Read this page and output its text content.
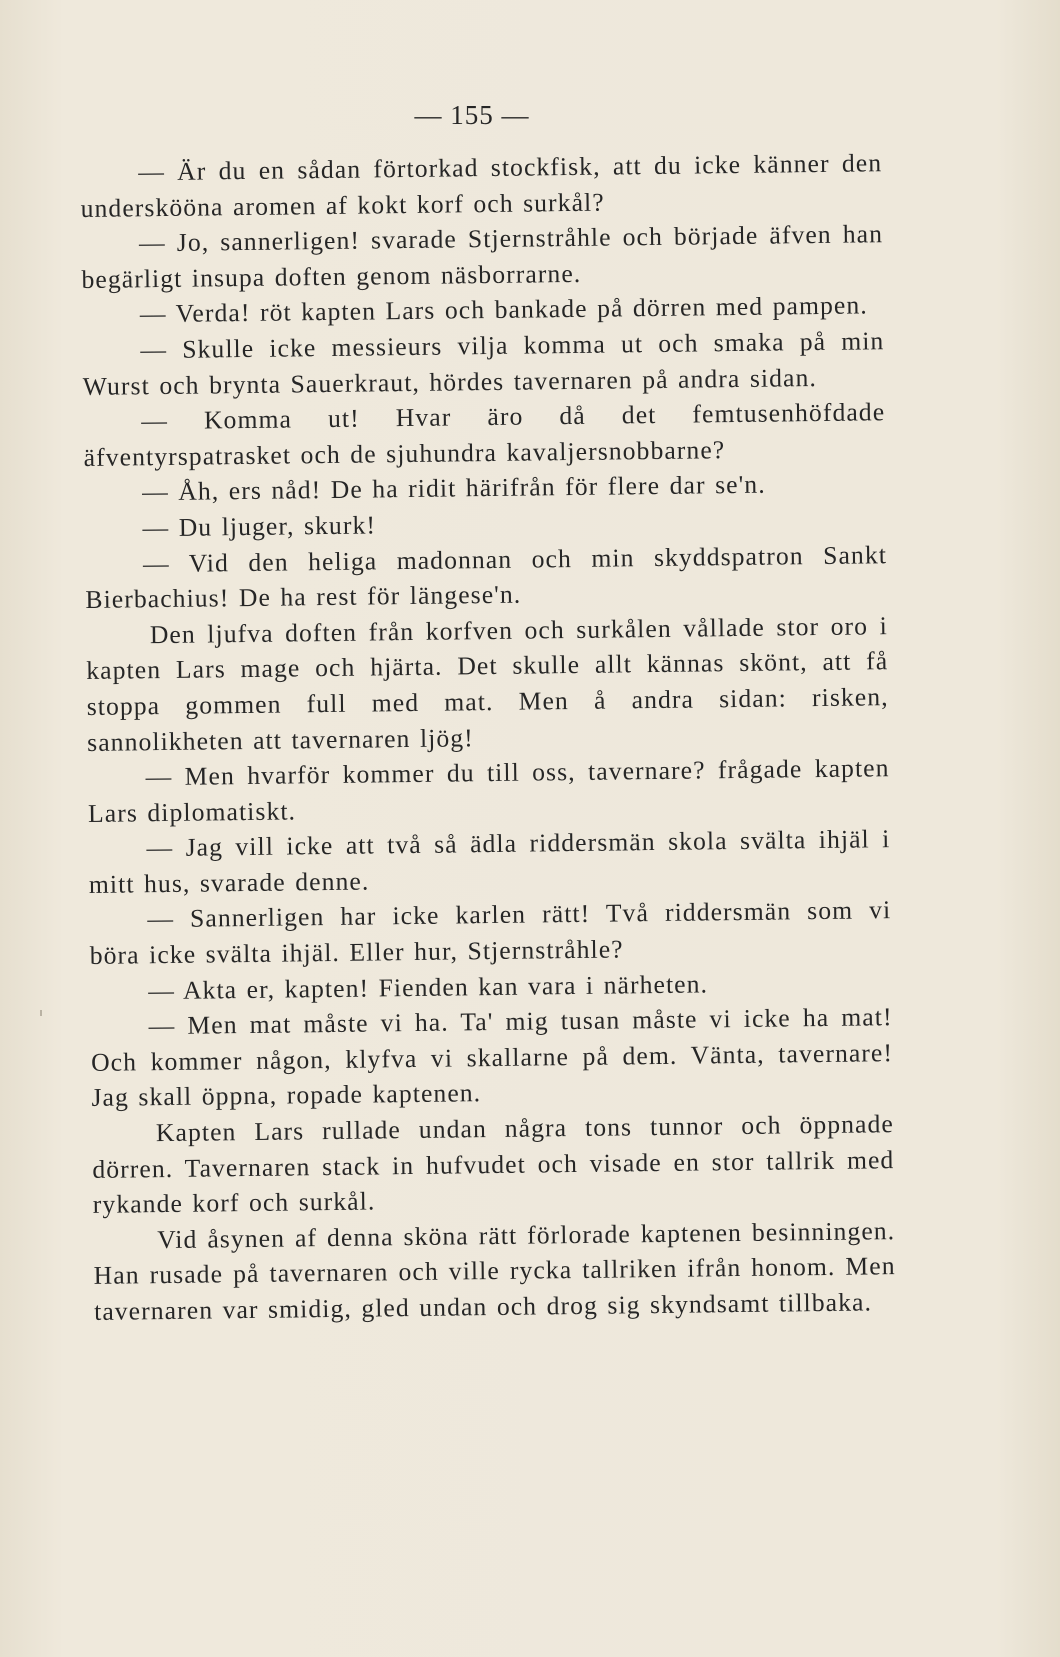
— 155 —

— Är du en sådan förtorkad stockfisk, att du icke känner den underskööna aromen af kokt korf och surkål?

— Jo, sannerligen! svarade Stjernstråhle och började äfven han begärligt insupa doften genom näsborrarne.

— Verda! röt kapten Lars och bankade på dörren med pampen.

— Skulle icke messieurs vilja komma ut och smaka på min Wurst och brynta Sauerkraut, hördes tavernaren på andra sidan.

— Komma ut! Hvar äro då det femtusenhöfdade äfventyrspatrasket och de sjuhundra kavaljersnobbarne?

— Åh, ers nåd! De ha ridit härifrån för flere dar se'n.

— Du ljuger, skurk!

— Vid den heliga madonnan och min skyddspatron Sankt Bierbachius! De ha rest för längese'n.

Den ljufva doften från korfven och surkålen vållade stor oro i kapten Lars mage och hjärta. Det skulle allt kännas skönt, att få stoppa gommen full med mat. Men å andra sidan: risken, sannolikheten att tavernaren ljög!

— Men hvarför kommer du till oss, tavernare? frågade kapten Lars diplomatiskt.

— Jag vill icke att två så ädla riddersmän skola svälta ihjäl i mitt hus, svarade denne.

— Sannerligen har icke karlen rätt! Två riddersmän som vi böra icke svälta ihjäl. Eller hur, Stjernstråhle?

— Akta er, kapten! Fienden kan vara i närheten.

— Men mat måste vi ha. Ta' mig tusan måste vi icke ha mat! Och kommer någon, klyfva vi skallarne på dem. Vänta, tavernare! Jag skall öppna, ropade kaptenen.

Kapten Lars rullade undan några tons tunnor och öppnade dörren. Tavernaren stack in hufvudet och visade en stor tallrik med rykande korf och surkål.

Vid åsynen af denna sköna rätt förlorade kaptenen besinningen. Han rusade på tavernaren och ville rycka tallriken ifrån honom. Men tavernaren var smidig, gled undan och drog sig skyndsamt tillbaka.
